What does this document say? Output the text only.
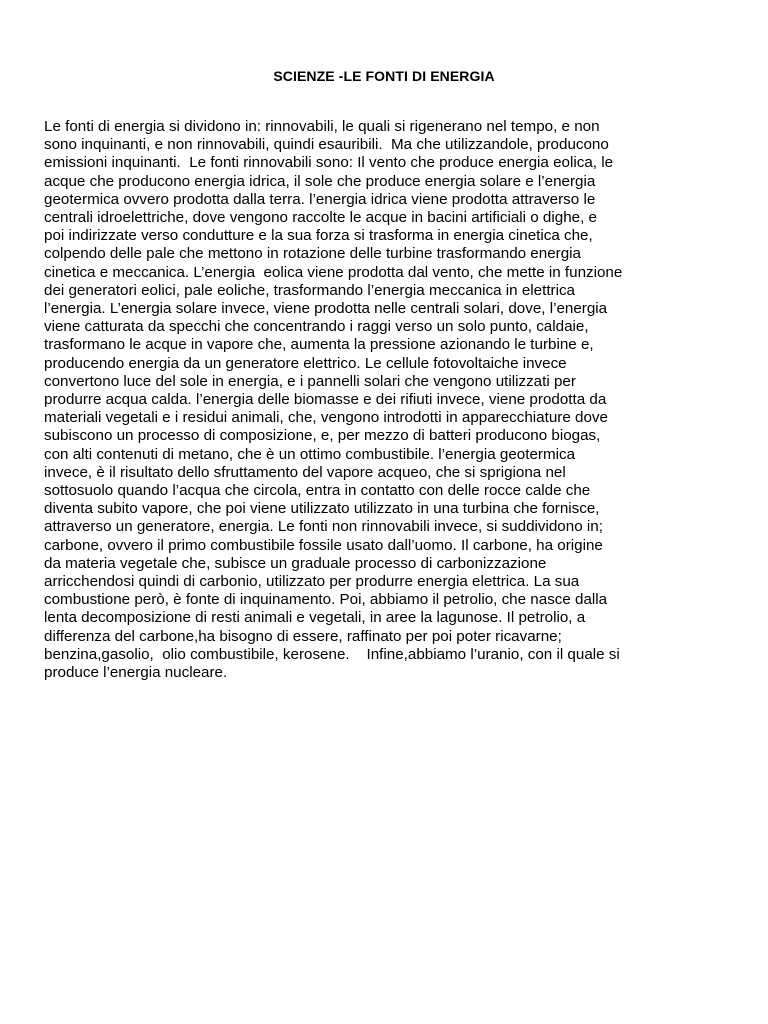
SCIENZE -LE FONTI DI ENERGIA
Le fonti di energia si dividono in: rinnovabili, le quali si rigenerano nel tempo, e non
sono inquinanti, e non rinnovabili, quindi esauribili.  Ma che utilizzandole, producono
emissioni inquinanti.  Le fonti rinnovabili sono: Il vento che produce energia eolica, le
acque che producono energia idrica, il sole che produce energia solare e l’energia
geotermica ovvero prodotta dalla terra. l’energia idrica viene prodotta attraverso le
centrali idroelettriche, dove vengono raccolte le acque in bacini artificiali o dighe, e
poi indirizzate verso condutture e la sua forza si trasforma in energia cinetica che,
colpendo delle pale che mettono in rotazione delle turbine trasformando energia
cinetica e meccanica. L’energia  eolica viene prodotta dal vento, che mette in funzione
dei generatori eolici, pale eoliche, trasformando l’energia meccanica in elettrica
l’energia. L’energia solare invece, viene prodotta nelle centrali solari, dove, l’energia
viene catturata da specchi che concentrando i raggi verso un solo punto, caldaie,
trasformano le acque in vapore che, aumenta la pressione azionando le turbine e,
producendo energia da un generatore elettrico. Le cellule fotovoltaiche invece
convertono luce del sole in energia, e i pannelli solari che vengono utilizzati per
produrre acqua calda. l’energia delle biomasse e dei rifiuti invece, viene prodotta da
materiali vegetali e i residui animali, che, vengono introdotti in apparecchiature dove
subiscono un processo di composizione, e, per mezzo di batteri producono biogas,
con alti contenuti di metano, che è un ottimo combustibile. l’energia geotermica
invece, è il risultato dello sfruttamento del vapore acqueo, che si sprigiona nel
sottosuolo quando l’acqua che circola, entra in contatto con delle rocce calde che
diventa subito vapore, che poi viene utilizzato utilizzato in una turbina che fornisce,
attraverso un generatore, energia. Le fonti non rinnovabili invece, si suddividono in;
carbone, ovvero il primo combustibile fossile usato dall’uomo. Il carbone, ha origine
da materia vegetale che, subisce un graduale processo di carbonizzazione
arricchendosi quindi di carbonio, utilizzato per produrre energia elettrica. La sua
combustione però, è fonte di inquinamento. Poi, abbiamo il petrolio, che nasce dalla
lenta decomposizione di resti animali e vegetali, in aree la lagunose. Il petrolio, a
differenza del carbone,ha bisogno di essere, raffinato per poi poter ricavarne;
benzina,gasolio,  olio combustibile, kerosene.    Infine,abbiamo l’uranio, con il quale si
produce l’energia nucleare.
